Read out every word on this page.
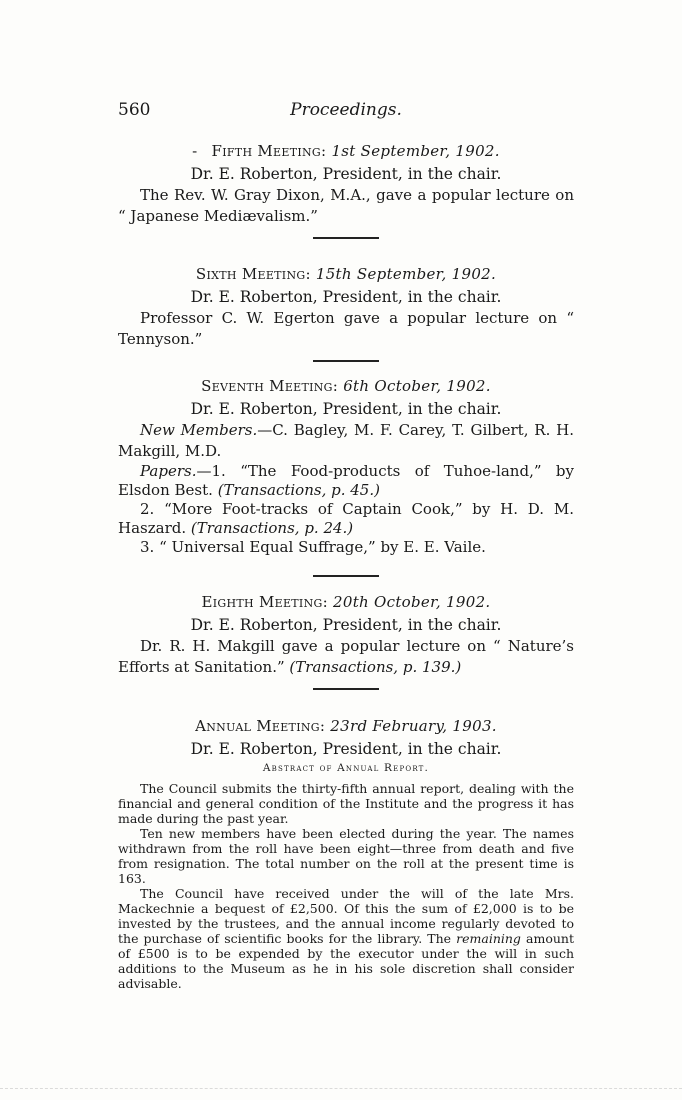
560	Proceedings.
- Fifth Meeting: 1st September, 1902.
Dr. E. Roberton, President, in the chair.
The Rev. W. Gray Dixon, M.A., gave a popular lecture on “ Japanese Mediævalism.”
Sixth Meeting: 15th September, 1902.
Dr. E. Roberton, President, in the chair.
Professor C. W. Egerton gave a popular lecture on “ Tennyson.”
Seventh Meeting: 6th October, 1902.
Dr. E. Roberton, President, in the chair.
New Members.—C. Bagley, M. F. Carey, T. Gilbert, R. H. Makgill, M.D.
Papers.—1. “The Food-products of Tuhoe-land,” by Elsdon Best. (Transactions, p. 45.)
2. “More Foot-tracks of Captain Cook,” by H. D. M. Haszard. (Transactions, p. 24.)
3. “ Universal Equal Suffrage,” by E. E. Vaile.
Eighth Meeting: 20th October, 1902.
Dr. E. Roberton, President, in the chair.
Dr. R. H. Makgill gave a popular lecture on “ Nature’s Efforts at Sanitation.” (Transactions, p. 139.)
Annual Meeting: 23rd February, 1903.
Dr. E. Roberton, President, in the chair.
Abstract of Annual Report.
The Council submits the thirty-fifth annual report, dealing with the financial and general condition of the Institute and the progress it has made during the past year.
Ten new members have been elected during the year. The names withdrawn from the roll have been eight—three from death and five from resignation. The total number on the roll at the present time is 163.
The Council have received under the will of the late Mrs. Mackechnie a bequest of £2,500. Of this the sum of £2,000 is to be invested by the trustees, and the annual income regularly devoted to the purchase of scientific books for the library. The remaining amount of £500 is to be expended by the executor under the will in such additions to the Museum as he in his sole discretion shall consider advisable.
